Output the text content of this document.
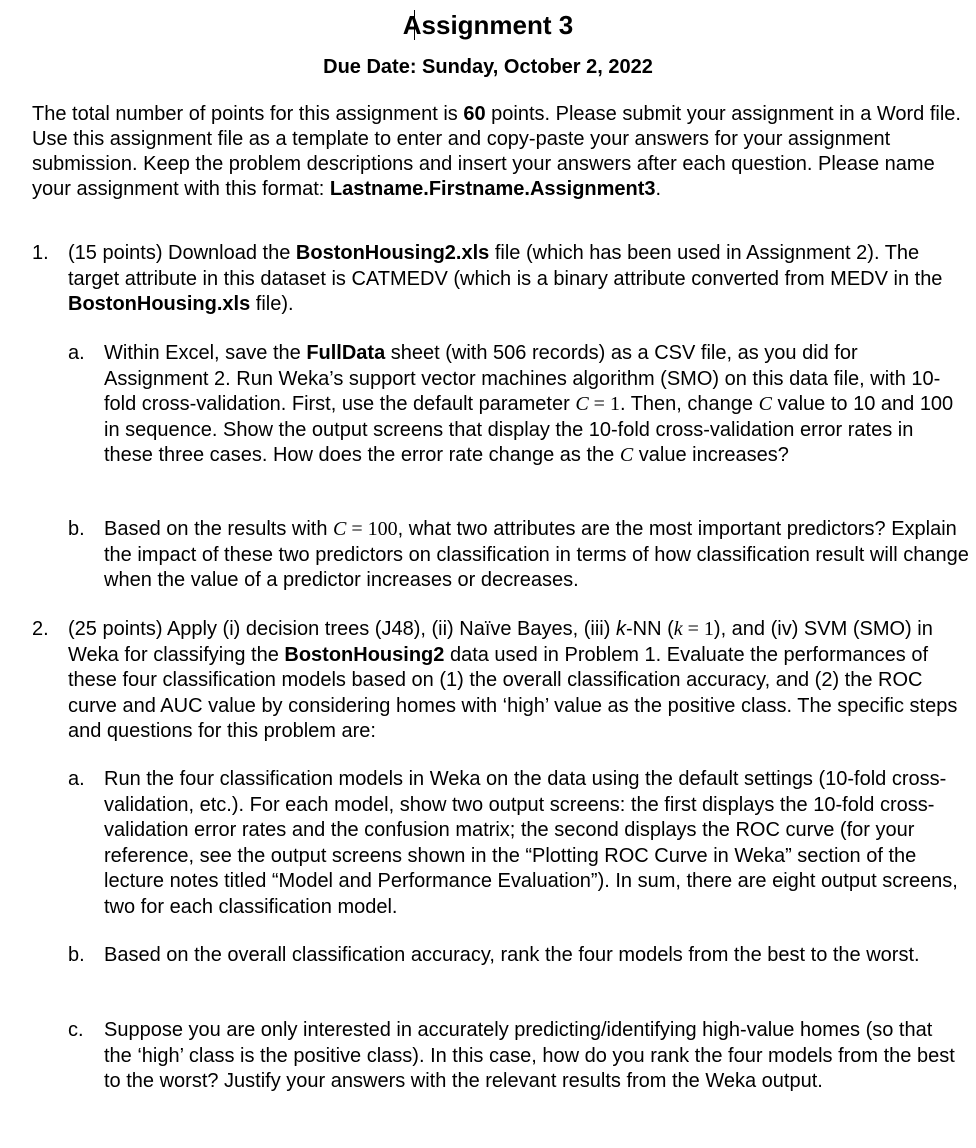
Assignment 3
Due Date: Sunday, October 2, 2022
The total number of points for this assignment is 60 points. Please submit your assignment in a Word file. Use this assignment file as a template to enter and copy-paste your answers for your assignment submission. Keep the problem descriptions and insert your answers after each question. Please name your assignment with this format: Lastname.Firstname.Assignment3.
1. (15 points) Download the BostonHousing2.xls file (which has been used in Assignment 2). The target attribute in this dataset is CATMEDV (which is a binary attribute converted from MEDV in the BostonHousing.xls file).
a. Within Excel, save the FullData sheet (with 506 records) as a CSV file, as you did for Assignment 2. Run Weka’s support vector machines algorithm (SMO) on this data file, with 10-fold cross-validation. First, use the default parameter C = 1. Then, change C value to 10 and 100 in sequence. Show the output screens that display the 10-fold cross-validation error rates in these three cases. How does the error rate change as the C value increases?
b. Based on the results with C = 100, what two attributes are the most important predictors? Explain the impact of these two predictors on classification in terms of how classification result will change when the value of a predictor increases or decreases.
2. (25 points) Apply (i) decision trees (J48), (ii) Naïve Bayes, (iii) k-NN (k = 1), and (iv) SVM (SMO) in Weka for classifying the BostonHousing2 data used in Problem 1. Evaluate the performances of these four classification models based on (1) the overall classification accuracy, and (2) the ROC curve and AUC value by considering homes with ‘high’ value as the positive class. The specific steps and questions for this problem are:
a. Run the four classification models in Weka on the data using the default settings (10-fold cross-validation, etc.). For each model, show two output screens: the first displays the 10-fold cross-validation error rates and the confusion matrix; the second displays the ROC curve (for your reference, see the output screens shown in the “Plotting ROC Curve in Weka” section of the lecture notes titled “Model and Performance Evaluation”). In sum, there are eight output screens, two for each classification model.
b. Based on the overall classification accuracy, rank the four models from the best to the worst.
c. Suppose you are only interested in accurately predicting/identifying high-value homes (so that the ‘high’ class is the positive class). In this case, how do you rank the four models from the best to the worst? Justify your answers with the relevant results from the Weka output.
